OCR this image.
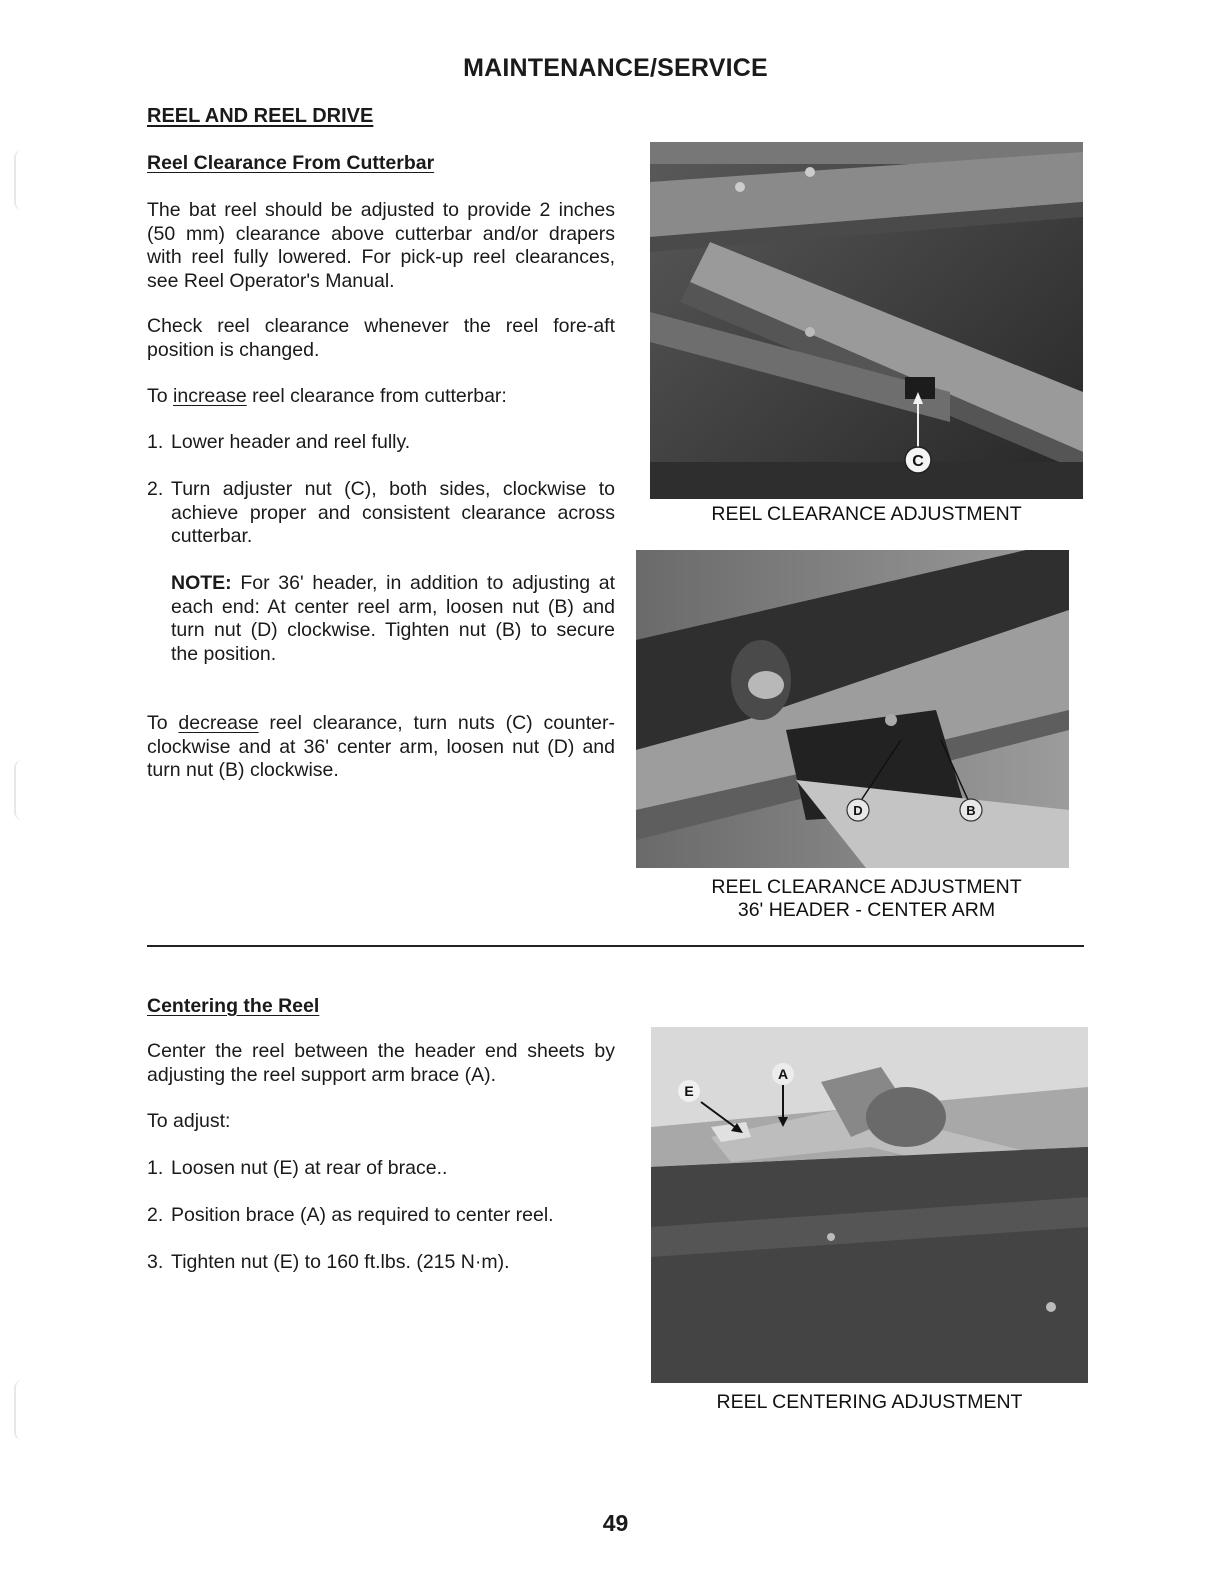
MAINTENANCE/SERVICE
REEL AND REEL DRIVE
Reel Clearance From Cutterbar

The bat reel should be adjusted to provide 2 inches (50 mm) clearance above cutterbar and/or drapers with reel fully lowered. For pick-up reel clearances, see Reel Operator's Manual.

Check reel clearance whenever the reel fore-aft position is changed.

To increase reel clearance from cutterbar:

1. Lower header and reel fully.
2. Turn adjuster nut (C), both sides, clockwise to achieve proper and consistent clearance across cutterbar.

NOTE: For 36' header, in addition to adjusting at each end: At center reel arm, loosen nut (B) and turn nut (D) clockwise. Tighten nut (B) to secure the position.

To decrease reel clearance, turn nuts (C) counter-clockwise and at 36' center arm, loosen nut (D) and turn nut (B) clockwise.

C
REEL CLEARANCE ADJUSTMENT
D	B
REEL CLEARANCE ADJUSTMENT
36' HEADER - CENTER ARM
Centering the Reel

Center the reel between the header end sheets by adjusting the reel support arm brace (A).

To adjust:

1. Loosen nut (E) at rear of brace..
2. Position brace (A) as required to center reel.
3. Tighten nut (E) to 160 ft.lbs. (215 N·m).
E
A
REEL CENTERING ADJUSTMENT
49
